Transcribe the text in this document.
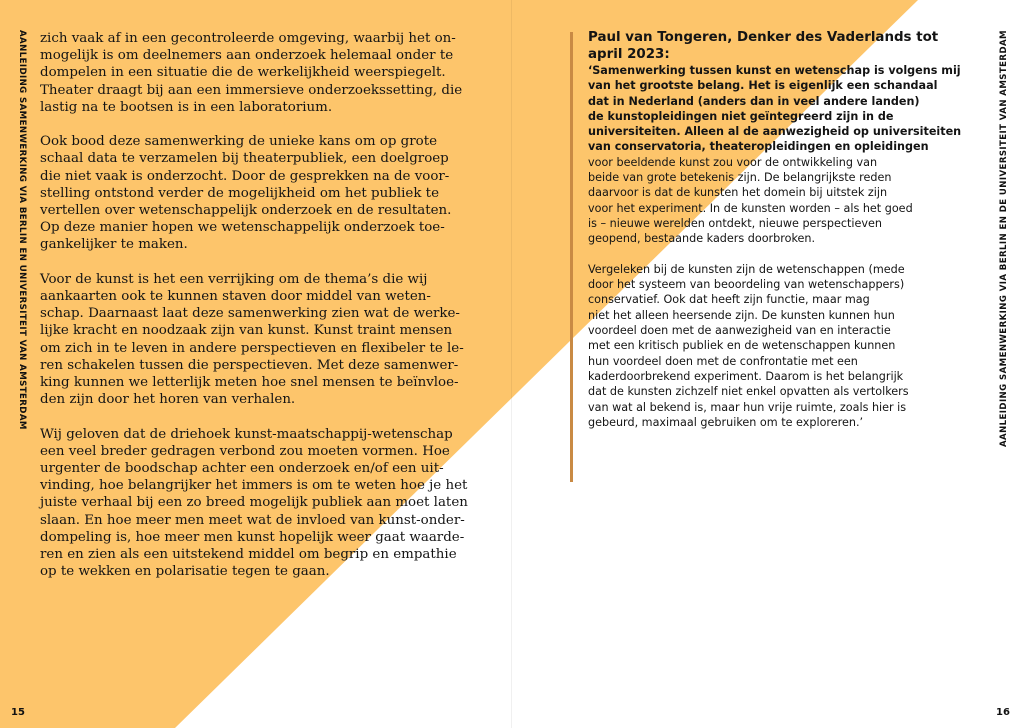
AANLEIDING SAMENWERKING VIA BERLIN EN UNIVERSITEIT VAN AMSTERDAM	AANLEIDING SAMENWERKING VIA BERLIN EN DE UNIVERSITEIT VAN AMSTERDAM
15	16

zich vaak af in een gecontroleerde omgeving, waarbij het on-
mogelijk is om deelnemers aan onderzoek helemaal onder te
dompelen in een situatie die de werkelijkheid weerspiegelt.
Theater draagt bij aan een immersieve onderzoekssetting, die
lastig na te bootsen is in een laboratorium.

Ook bood deze samenwerking de unieke kans om op grote
schaal data te verzamelen bij theaterpubliek, een doelgroep
die niet vaak is onderzocht. Door de gesprekken na de voor-
stelling ontstond verder de mogelijkheid om het publiek te
vertellen over wetenschappelijk onderzoek en de resultaten.
Op deze manier hopen we wetenschappelijk onderzoek toe-
gankelijker te maken.

Voor de kunst is het een verrijking om de thema’s die wij
aankaarten ook te kunnen staven door middel van weten-
schap. Daarnaast laat deze samenwerking zien wat de werke-
lijke kracht en noodzaak zijn van kunst. Kunst traint mensen
om zich in te leven in andere perspectieven en flexibeler te le-
ren schakelen tussen die perspectieven. Met deze samenwer-
king kunnen we letterlijk meten hoe snel mensen te beïnvloe-
den zijn door het horen van verhalen.

Wij geloven dat de driehoek kunst-maatschappij-wetenschap
een veel breder gedragen verbond zou moeten vormen. Hoe
urgenter de boodschap achter een onderzoek en/of een uit-
vinding, hoe belangrijker het immers is om te weten hoe je het
juiste verhaal bij een zo breed mogelijk publiek aan moet laten
slaan. En hoe meer men meet wat de invloed van kunst-onder-
dompeling is, hoe meer men kunst hopelijk weer gaat waarde-
ren en zien als een uitstekend middel om begrip en empathie
op te wekken en polarisatie tegen te gaan.

Paul van Tongeren, Denker des Vaderlands tot
april 2023:

‘Samenwerking tussen kunst en wetenschap is volgens mij
van het grootste belang. Het is eigenlijk een schandaal
dat in Nederland (anders dan in veel andere landen)
de kunstopleidingen niet geïntegreerd zijn in de
universiteiten. Alleen al de aanwezigheid op universiteiten
van conservatoria, theateropleidingen en opleidingen
voor beeldende kunst zou voor de ontwikkeling van
beide van grote betekenis zijn. De belangrijkste reden
daarvoor is dat de kunsten het domein bij uitstek zijn
voor het experiment. In de kunsten worden – als het goed
is – nieuwe werelden ontdekt, nieuwe perspectieven
geopend, bestaande kaders doorbroken.

Vergeleken bij de kunsten zijn de wetenschappen (mede
door het systeem van beoordeling van wetenschappers)
conservatief. Ook dat heeft zijn functie, maar mag
niet het alleen heersende zijn. De kunsten kunnen hun
voordeel doen met de aanwezigheid van en interactie
met een kritisch publiek en de wetenschappen kunnen
hun voordeel doen met de confrontatie met een
kaderdoorbrekend experiment. Daarom is het belangrijk
dat de kunsten zichzelf niet enkel opvatten als vertolkers
van wat al bekend is, maar hun vrije ruimte, zoals hier is
gebeurd, maximaal gebruiken om te exploreren.’
